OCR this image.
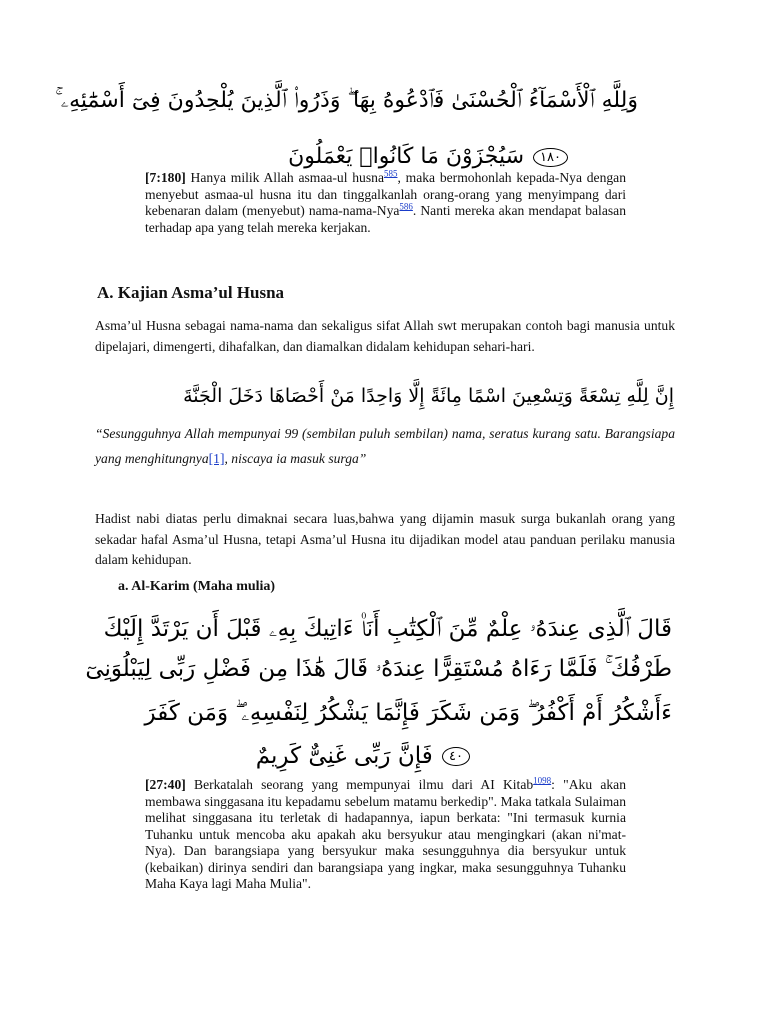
وَلِلَّهِ ٱلْأَسْمَآءُ ٱلْحُسْنَىٰ فَٱدْعُوهُ بِهَا ۖ وَذَرُوا۟ ٱلَّذِينَ يُلْحِدُونَ فِىٓ أَسْمَٰٓئِهِۦ ۚ
١٨٠ سَيُجْزَوْنَ مَا كَانُوا۟ يَعْمَلُونَ
[7:180] Hanya milik Allah asmaa-ul husna$^{585}$, maka bermohonlah kepada-Nya dengan menyebut asmaa-ul husna itu dan tinggalkanlah orang-orang yang menyimpang dari kebenaran dalam (menyebut) nama-nama-Nya$^{586}$. Nanti mereka akan mendapat balasan terhadap apa yang telah mereka kerjakan.
A. Kajian Asma’ul Husna
Asma’ul Husna sebagai nama-nama dan sekaligus sifat Allah swt merupakan contoh bagi manusia untuk dipelajari, dimengerti, dihafalkan, dan diamalkan didalam kehidupan sehari-hari.
إِنَّ لِلَّهِ تِسْعَةً وَتِسْعِينَ اسْمًا مِائَةً إِلَّا وَاحِدًا مَنْ أَحْصَاهَا دَخَلَ الْجَنَّةَ
“Sesungguhnya Allah mempunyai 99 (sembilan puluh sembilan) nama, seratus kurang satu. Barangsiapa yang menghitungnya[1], niscaya ia masuk surga”
Hadist nabi diatas perlu dimaknai secara luas,bahwa yang dijamin masuk surga bukanlah orang yang sekadar hafal Asma’ul Husna, tetapi Asma’ul Husna itu dijadikan model atau panduan perilaku manusia dalam kehidupan.
a. Al-Karim (Maha mulia)
قَالَ ٱلَّذِى عِندَهُۥ عِلْمٌ مِّنَ ٱلْكِتَٰبِ أَنَا۠ ءَاتِيكَ بِهِۦ قَبْلَ أَن يَرْتَدَّ إِلَيْكَ
طَرْفُكَ ۚ فَلَمَّا رَءَاهُ مُسْتَقِرًّا عِندَهُۥ قَالَ هَٰذَا مِن فَضْلِ رَبِّى لِيَبْلُوَنِىٓ
ءَأَشْكُرُ أَمْ أَكْفُرُ ۖ وَمَن شَكَرَ فَإِنَّمَا يَشْكُرُ لِنَفْسِهِۦ ۖ وَمَن كَفَرَ
٤٠ فَإِنَّ رَبِّى غَنِىٌّ كَرِيمٌ
[27:40] Berkatalah seorang yang mempunyai ilmu dari AI Kitab$^{1098}$: "Aku akan membawa singgasana itu kepadamu sebelum matamu berkedip". Maka tatkala Sulaiman melihat singgasana itu terletak di hadapannya, iapun berkata: "Ini termasuk kurnia Tuhanku untuk mencoba aku apakah aku bersyukur atau mengingkari (akan ni'mat-Nya). Dan barangsiapa yang bersyukur maka sesungguhnya dia bersyukur untuk (kebaikan) dirinya sendiri dan barangsiapa yang ingkar, maka sesungguhnya Tuhanku Maha Kaya lagi Maha Mulia".
